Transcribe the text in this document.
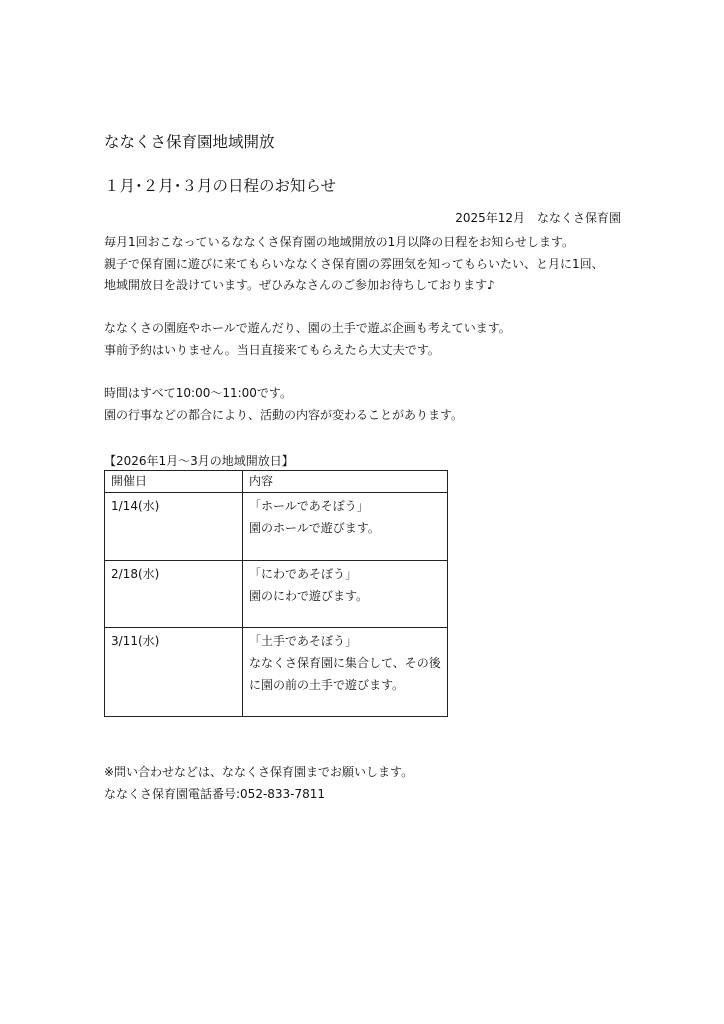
ななくさ保育園地域開放
１月･２月･３月の日程のお知らせ
2025年12月　ななくさ保育園

毎月1回おこなっているななくさ保育園の地域開放の1月以降の日程をお知らせします。
親子で保育園に遊びに来てもらいななくさ保育園の雰囲気を知ってもらいたい、と月に1回、
地域開放日を設けています。ぜひみなさんのご参加お待ちしております♪

ななくさの園庭やホールで遊んだり、園の土手で遊ぶ企画も考えています。
事前予約はいりません。当日直接来てもらえたら大丈夫です。

時間はすべて10:00～11:00です。
園の行事などの都合により、活動の内容が変わることがあります。

【2026年1月～3月の地域開放日】
開催日	内容
1/14(水)	「ホールであそぼう」
園のホールで遊びます。

2/18(水)	「にわであそぼう」
園のにわで遊びます。

3/11(水)	「土手であそぼう」
ななくさ保育園に集合して、その後
に園の前の土手で遊びます。
※問い合わせなどは、ななくさ保育園までお願いします。
ななくさ保育園電話番号:052-833-7811
